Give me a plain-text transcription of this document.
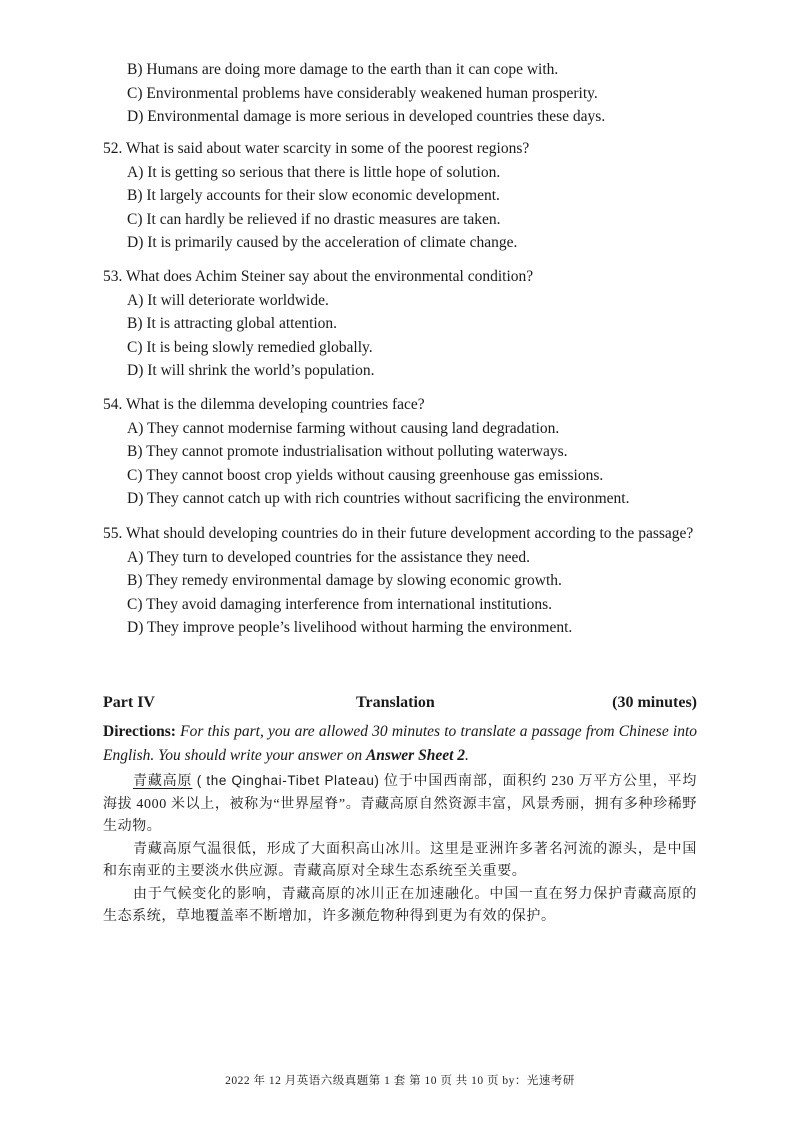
B) Humans are doing more damage to the earth than it can cope with.
C) Environmental problems have considerably weakened human prosperity.
D) Environmental damage is more serious in developed countries these days.
52. What is said about water scarcity in some of the poorest regions?
A) It is getting so serious that there is little hope of solution.
B) It largely accounts for their slow economic development.
C) It can hardly be relieved if no drastic measures are taken.
D) It is primarily caused by the acceleration of climate change.
53. What does Achim Steiner say about the environmental condition?
A) It will deteriorate worldwide.
B) It is attracting global attention.
C) It is being slowly remedied globally.
D) It will shrink the world’s population.
54. What is the dilemma developing countries face?
A) They cannot modernise farming without causing land degradation.
B) They cannot promote industrialisation without polluting waterways.
C) They cannot boost crop yields without causing greenhouse gas emissions.
D) They cannot catch up with rich countries without sacrificing the environment.
55. What should developing countries do in their future development according to the passage?
A) They turn to developed countries for the assistance they need.
B) They remedy environmental damage by slowing economic growth.
C) They avoid damaging interference from international institutions.
D) They improve people’s livelihood without harming the environment.
Part IV	Translation	(30 minutes)
Directions: For this part, you are allowed 30 minutes to translate a passage from Chinese into English. You should write your answer on Answer Sheet 2.

青藏高原 ( the Qinghai-Tibet Plateau) 位于中国西南部，面积约 230 万平方公里，平均海拔 4000 米以上，被称为“世界屋脊”。青藏高原自然资源丰富，风景秀丽，拥有多种珍稀野生动物。

青藏高原气温很低，形成了大面积高山冰川。这里是亚洲许多著名河流的源头，是中国和东南亚的主要淡水供应源。青藏高原对全球生态系统至关重要。

由于气候变化的影响，青藏高原的冰川正在加速融化。中国一直在努力保护青藏高原的生态系统，草地覆盖率不断增加，许多濒危物种得到更为有效的保护。

2022 年 12 月英语六级真题第 1 套 第 10 页 共 10 页 by：光速考研
